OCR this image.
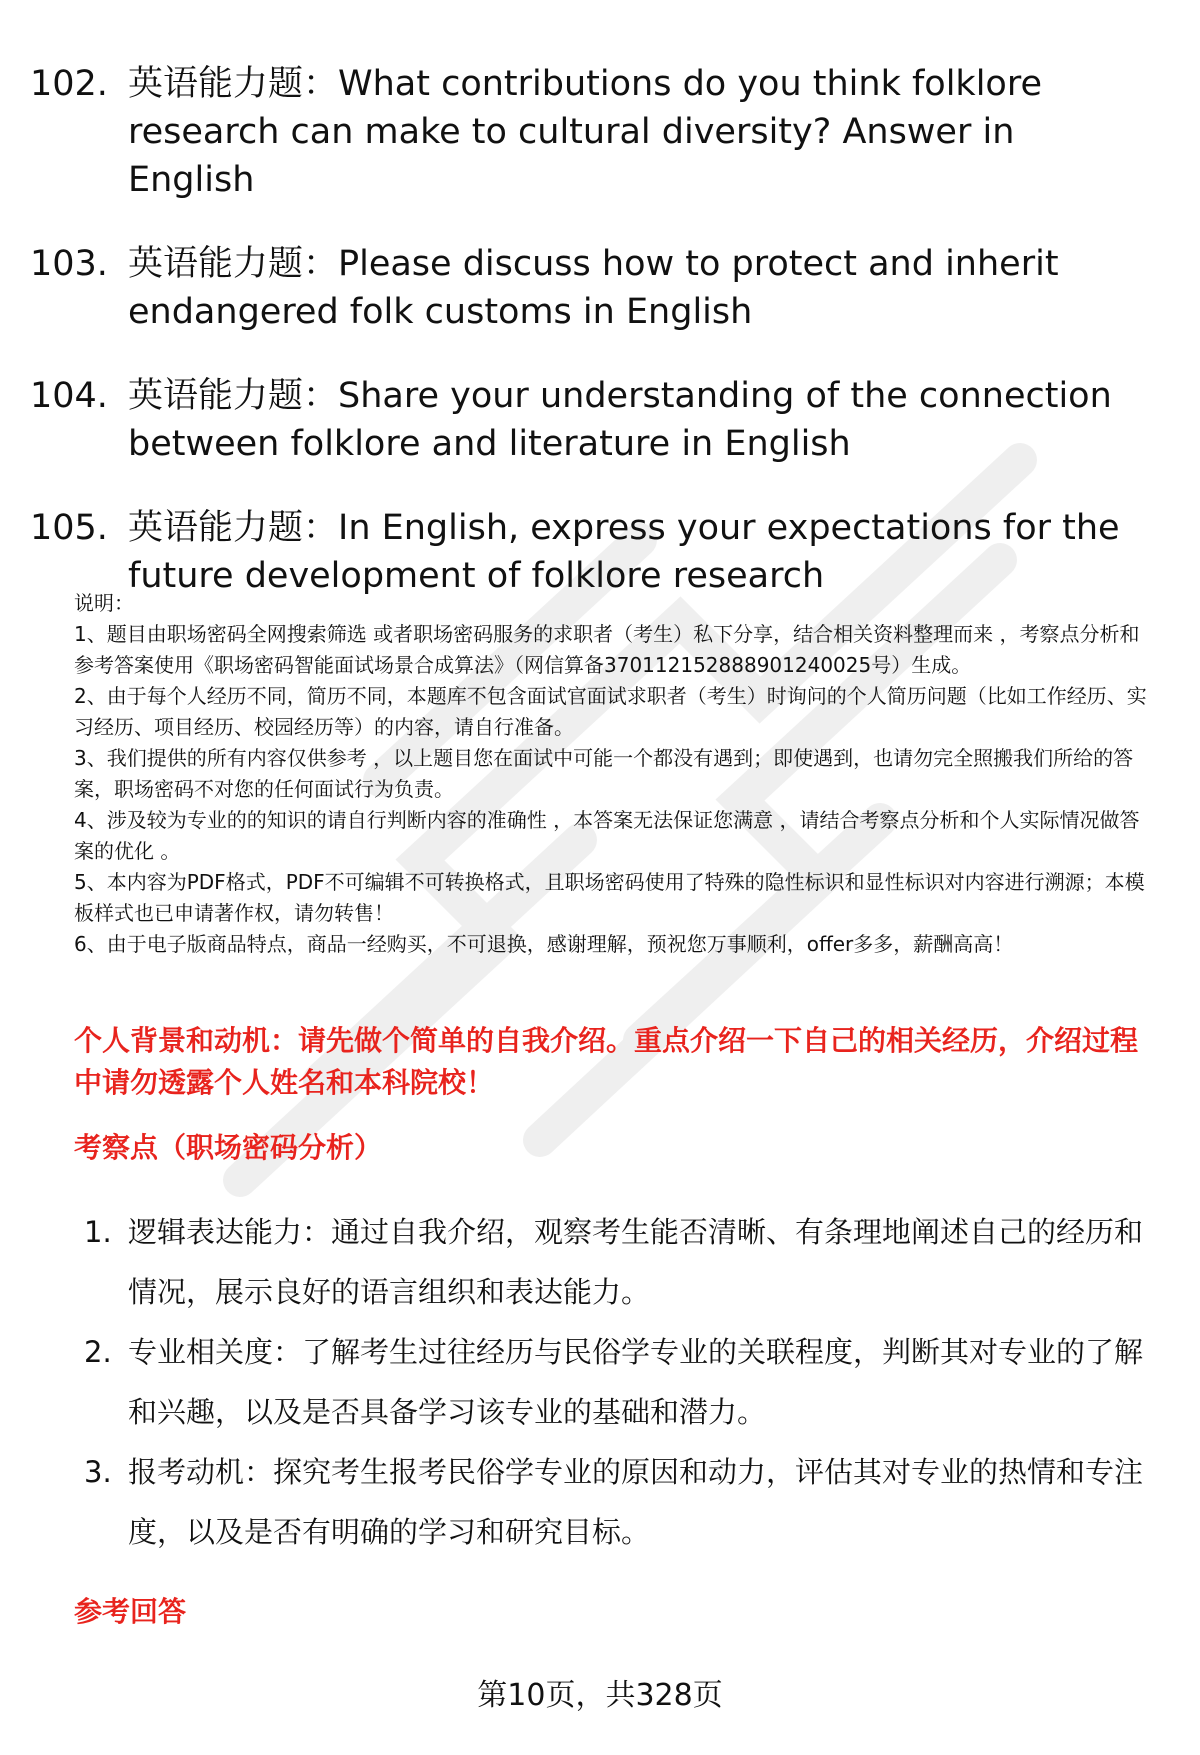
102. 英语能力题：What contributions do you think folklore research can make to cultural diversity? Answer in English
103. 英语能力题：Please discuss how to protect and inherit endangered folk customs in English
104. 英语能力题：Share your understanding of the connection between folklore and literature in English
105. 英语能力题：In English, express your expectations for the future development of folklore research

说明：

1、题目由职场密码全网搜索筛选 或者职场密码服务的求职者（考生）私下分享，结合相关资料整理而来 ，考察点分析和参考答案使用《职场密码智能面试场景合成算法》（网信算备370112152888901240025号）生成。

2、由于每个人经历不同，简历不同，本题库不包含面试官面试求职者（考生）时询问的个人简历问题（比如工作经历、实习经历、项目经历、校园经历等）的内容，请自行准备。

3、我们提供的所有内容仅供参考 ，以上题目您在面试中可能一个都没有遇到；即使遇到，也请勿完全照搬我们所给的答案，职场密码不对您的任何面试行为负责。

4、涉及较为专业的的知识的请自行判断内容的准确性 ，本答案无法保证您满意 ，请结合考察点分析和个人实际情况做答案的优化 。

5、本内容为PDF格式，PDF不可编辑不可转换格式，且职场密码使用了特殊的隐性标识和显性标识对内容进行溯源；本模板样式也已申请著作权，请勿转售！

6、由于电子版商品特点，商品一经购买，不可退换，感谢理解，预祝您万事顺利，offer多多，薪酬高高！

个人背景和动机：请先做个简单的自我介绍。重点介绍一下自己的相关经历，介绍过程中请勿透露个人姓名和本科院校！
考察点（职场密码分析）
1. 逻辑表达能力：通过自我介绍，观察考生能否清晰、有条理地阐述自己的经历和情况，展示良好的语言组织和表达能力。
2. 专业相关度：了解考生过往经历与民俗学专业的关联程度，判断其对专业的了解和兴趣，以及是否具备学习该专业的基础和潜力。
3. 报考动机：探究考生报考民俗学专业的原因和动力，评估其对专业的热情和专注度，以及是否有明确的学习和研究目标。
参考回答
第10页，共328页
